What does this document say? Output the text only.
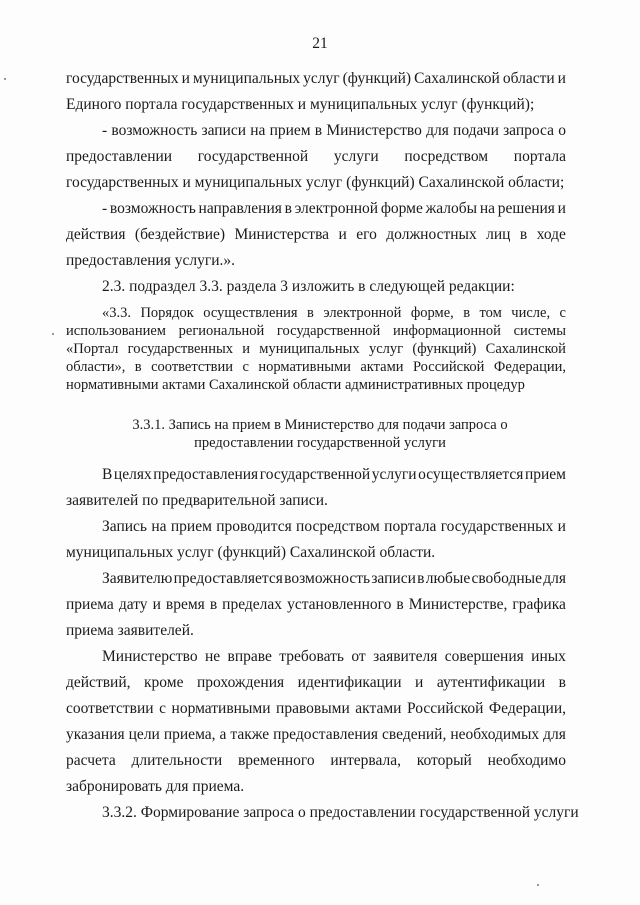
21
государственных и муниципальных услуг (функций) Сахалинской области и
Единого портала государственных и муниципальных услуг (функций);
- возможность записи на прием в Министерство для подачи запроса о
предоставлении государственной услуги посредством портала
государственных и муниципальных услуг (функций) Сахалинской области;
- возможность направления в электронной форме жалобы на решения и
действия (бездействие) Министерства и его должностных лиц в ходе
предоставления услуги.».
2.3. подраздел 3.3. раздела 3 изложить в следующей редакции:
«3.3. Порядок осуществления в электронной форме, в том числе, с
использованием региональной государственной информационной системы
«Портал государственных и муниципальных услуг (функций) Сахалинской
области», в соответствии с нормативными актами Российской Федерации,
нормативными актами Сахалинской области административных процедур
3.3.1. Запись на прием в Министерство для подачи запроса о
предоставлении государственной услуги
В целях предоставления государственной услуги осуществляется прием
заявителей по предварительной записи.
Запись на прием проводится посредством портала государственных и
муниципальных услуг (функций) Сахалинской области.
Заявителю предоставляется возможность записи в любые свободные для
приема дату и время в пределах установленного в Министерстве, графика
приема заявителей.
Министерство не вправе требовать от заявителя совершения иных
действий, кроме прохождения идентификации и аутентификации в
соответствии с нормативными правовыми актами Российской Федерации,
указания цели приема, а также предоставления сведений, необходимых для
расчета длительности временного интервала, который необходимо
забронировать для приема.
3.3.2. Формирование запроса о предоставлении государственной услуги
